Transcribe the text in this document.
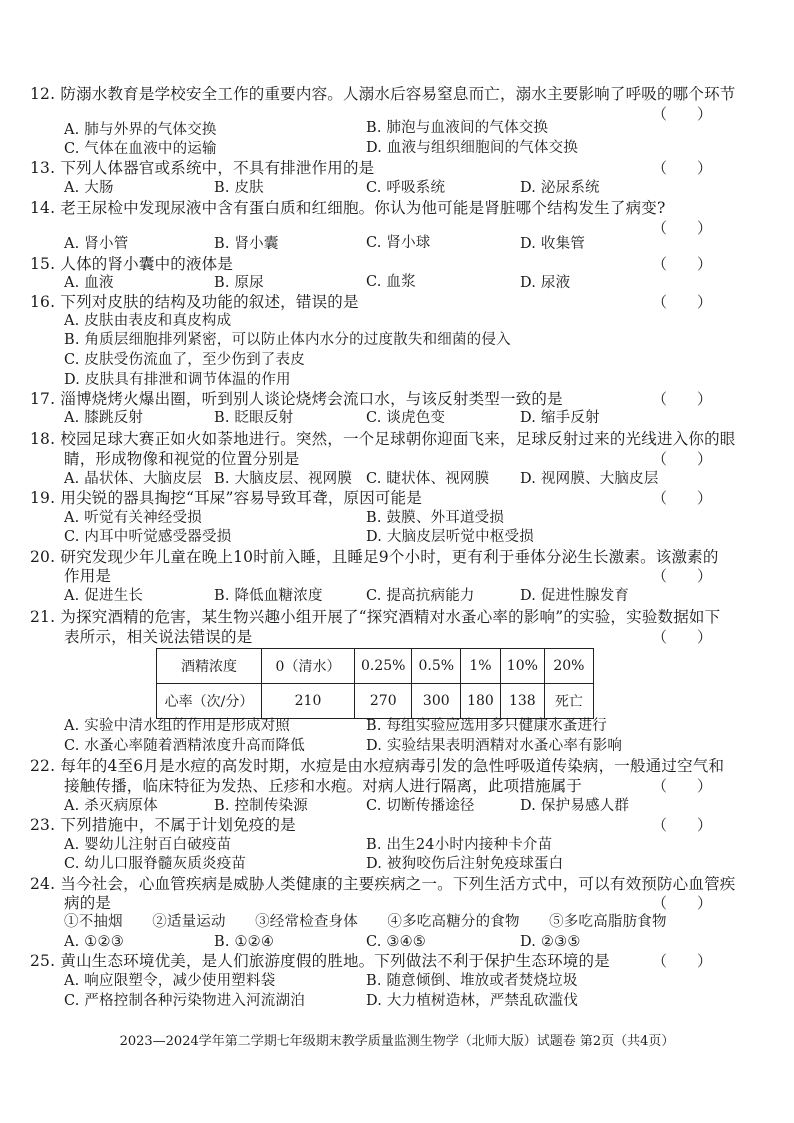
12. 防溺水教育是学校安全工作的重要内容。人溺水后容易窒息而亡，溺水主要影响了呼吸的哪个环节
（　　）
A. 肺与外界的气体交换	B. 肺泡与血液间的气体交换
C. 气体在血液中的运输	D. 血液与组织细胞间的气体交换
13. 下列人体器官或系统中，不具有排泄作用的是	（　　）
A. 大肠	B. 皮肤	C. 呼吸系统	D. 泌尿系统
14. 老王尿检中发现尿液中含有蛋白质和红细胞。你认为他可能是肾脏哪个结构发生了病变?
（　　）
A. 肾小管	B. 肾小囊	C. 肾小球	D. 收集管
15. 人体的肾小囊中的液体是	（　　）
A. 血液	B. 原尿	C. 血浆	D. 尿液
16. 下列对皮肤的结构及功能的叙述，错误的是	（　　）
A. 皮肤由表皮和真皮构成
B. 角质层细胞排列紧密，可以防止体内水分的过度散失和细菌的侵入
C. 皮肤受伤流血了，至少伤到了表皮
D. 皮肤具有排泄和调节体温的作用
17. 淄博烧烤火爆出圈，听到别人谈论烧烤会流口水，与该反射类型一致的是	（　　）
A. 膝跳反射	B. 眨眼反射	C. 谈虎色变	D. 缩手反射
18. 校园足球大赛正如火如荼地进行。突然，一个足球朝你迎面飞来，足球反射过来的光线进入你的眼
睛，形成物像和视觉的位置分别是	（　　）
A. 晶状体、大脑皮层 B. 大脑皮层、视网膜 C. 睫状体、视网膜 D. 视网膜、大脑皮层
19. 用尖锐的器具掏挖“耳屎”容易导致耳聋，原因可能是	（　　）
A. 听觉有关神经受损	B. 鼓膜、外耳道受损
C. 内耳中听觉感受器受损	D. 大脑皮层听觉中枢受损
20. 研究发现少年儿童在晚上10时前入睡，且睡足9个小时，更有利于垂体分泌生长激素。该激素的
作用是	（　　）
A. 促进生长	B. 降低血糖浓度	C. 提高抗病能力	D. 促进性腺发育
21. 为探究酒精的危害，某生物兴趣小组开展了“探究酒精对水蚤心率的影响”的实验，实验数据如下
表所示，相关说法错误的是	（　　）
酒精浓度	0（清水）	0.25%	0.5%	1%	10%	20%
心率（次/分）	210	270	300	180	138	死亡
A. 实验中清水组的作用是形成对照	B. 每组实验应选用多只健康水蚤进行
C. 水蚤心率随着酒精浓度升高而降低	D. 实验结果表明酒精对水蚤心率有影响
22. 每年的4至6月是水痘的高发时期，水痘是由水痘病毒引发的急性呼吸道传染病，一般通过空气和
接触传播，临床特征为发热、丘疹和水疱。对病人进行隔离，此项措施属于	（　　）
A. 杀灭病原体	B. 控制传染源	C. 切断传播途径	D. 保护易感人群
23. 下列措施中，不属于计划免疫的是	（　　）
A. 婴幼儿注射百白破疫苗	B. 出生24小时内接种卡介苗
C. 幼儿口服脊髓灰质炎疫苗	D. 被狗咬伤后注射免疫球蛋白
24. 当今社会，心血管疾病是威胁人类健康的主要疾病之一。下列生活方式中，可以有效预防心血管疾
病的是	（　　）
①不抽烟　　②适量运动　　③经常检查身体　　④多吃高糖分的食物　　⑤多吃高脂肪食物
A. ①②③	B. ①②④	C. ③④⑤	D. ②③⑤
25. 黄山生态环境优美，是人们旅游度假的胜地。下列做法不利于保护生态环境的是	（　　）
A. 响应限塑令，减少使用塑料袋	B. 随意倾倒、堆放或者焚烧垃圾
C. 严格控制各种污染物进入河流湖泊	D. 大力植树造林，严禁乱砍滥伐
2023—2024学年第二学期七年级期末教学质量监测生物学（北师大版）试题卷 第2页（共4页）
